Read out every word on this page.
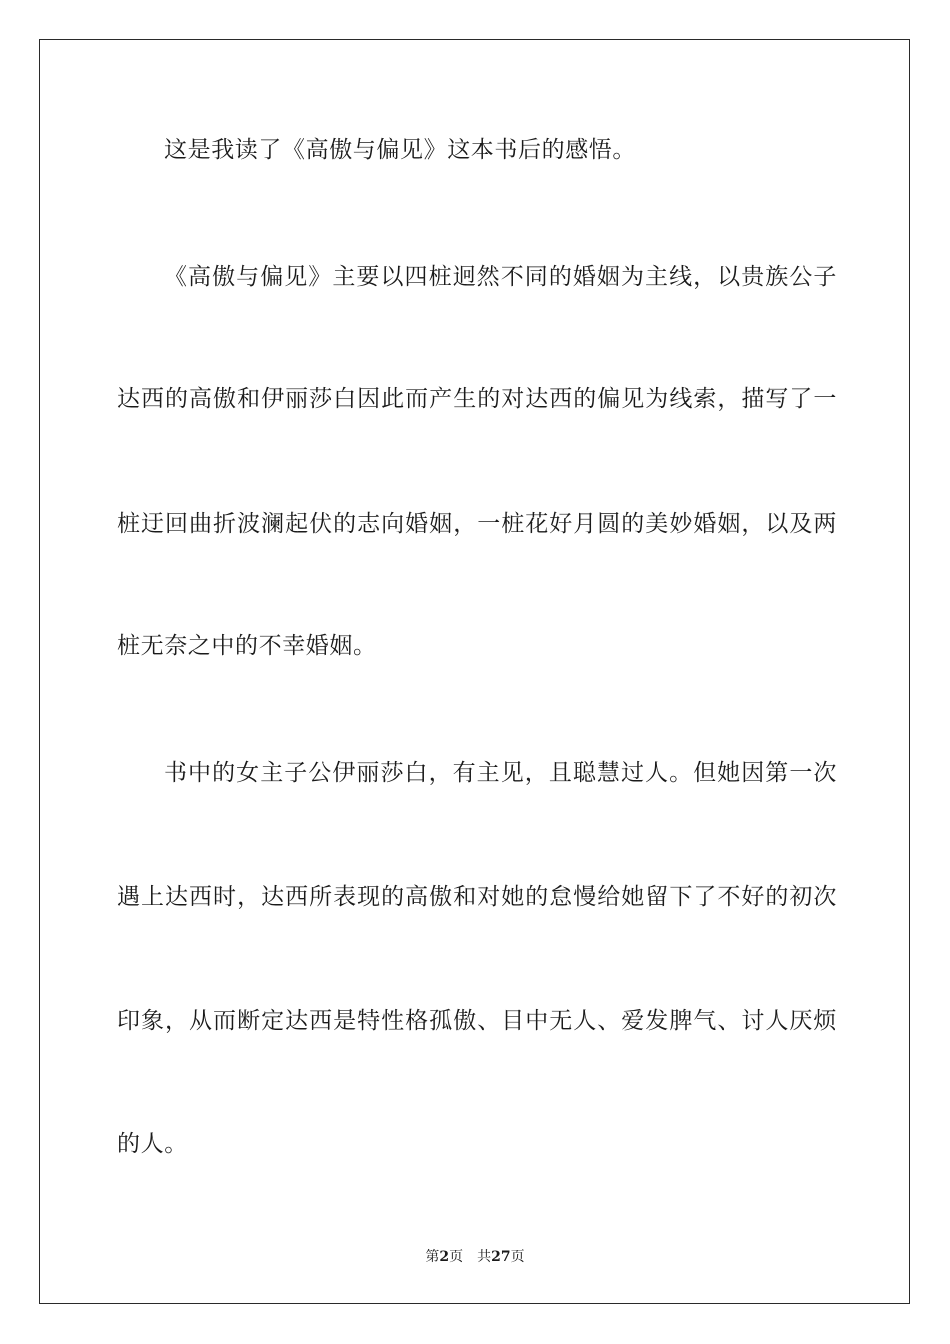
这是我读了《高傲与偏见》这本书后的感悟。
《高傲与偏见》主要以四桩迥然不同的婚姻为主线，以贵族公子
达西的高傲和伊丽莎白因此而产生的对达西的偏见为线索，描写了一
桩迂回曲折波澜起伏的志向婚姻，一桩花好月圆的美妙婚姻，以及两
桩无奈之中的不幸婚姻。
书中的女主子公伊丽莎白，有主见，且聪慧过人。但她因第一次
遇上达西时，达西所表现的高傲和对她的怠慢给她留下了不好的初次
印象，从而断定达西是特性格孤傲、目中无人、爱发脾气、讨人厌烦
的人。
第2页 共27页
